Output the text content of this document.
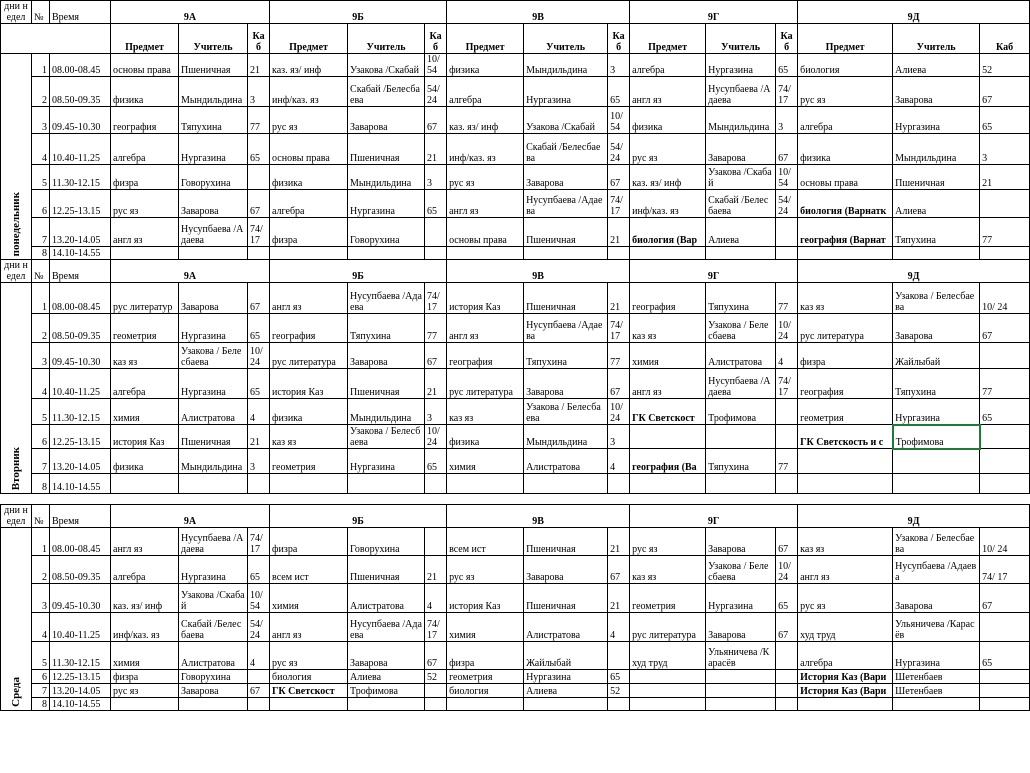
дни недел	№	Время	9А			9Б			9В			9Г			9Д		
			Предмет	Учитель	Каб	Предмет	Учитель	Каб	Предмет	Учитель	Каб	Предмет	Учитель	Каб	Предмет	Учитель	Каб
понедельник	1	08.00-08.45	основы права	Пшеничная	21	каз. яз/ инф	Узакова /Скабай	10/ 54	физика	Мындильдина	3	алгебра	Нургазина	65	биология	Алиева	52
	2	08.50-09.35	физика	Мындильдина	3	инф/каз. яз	Скабай /Белесбаева	54/ 24	алгебра	Нургазина	65	англ яз	Нусупбаева /Адаева	74/ 17	рус яз	Заварова	67
	3	09.45-10.30	география	Тяпухина	77	рус яз	Заварова	67	каз. яз/ инф	Узакова /Скабай	10/ 54	физика	Мындильдина	3	алгебра	Нургазина	65
	4	10.40-11.25	алгебра	Нургазина	65	основы права	Пшеничная	21	инф/каз. яз	Скабай /Белесбаева	54/ 24	рус яз	Заварова	67	физика	Мындильдина	3
	5	11.30-12.15	физра	Говорухина		физика	Мындильдина	3	рус яз	Заварова	67	каз. яз/ инф	Узакова /Скабай	10/ 54	основы права	Пшеничная	21
	6	12.25-13.15	рус яз	Заварова	67	алгебра	Нургазина	65	англ яз	Нусупбаева /Адаева	74/ 17	инф/каз. яз	Скабай /Белесбаева	54/ 24	биология (Варнатк	Алиева	
	7	13.20-14.05	англ яз	Нусупбаева /Адаева	74/ 17	физра	Говорухина		основы права	Пшеничная	21	биология (Вар	Алиева		география (Варнат	Тяпухина	77
	8	14.10-14.55															
дни недел	№	Время	9А			9Б			9В			9Г			9Д		
Вторник	1	08.00-08.45	рус литератур	Заварова	67	англ яз	Нусупбаева /Адаева	74/ 17	история Каз	Пшеничная	21	география	Тяпухина	77	каз яз	Узакова / Белесбаева	10/ 24
	2	08.50-09.35	геометрия	Нургазина	65	география	Тяпухина	77	англ яз	Нусупбаева /Адаева	74/ 17	каз яз	Узакова / Белесбаева	10/ 24	рус литература	Заварова	67
	3	09.45-10.30	каз яз	Узакова / Белесбаева	10/ 24	рус литература	Заварова	67	география	Тяпухина	77	химия	Алистратова	4	физра	Жайлыбай	
	4	10.40-11.25	алгебра	Нургазина	65	история Каз	Пшеничная	21	рус литература	Заварова	67	англ яз	Нусупбаева /Адаева	74/ 17	география	Тяпухина	77
	5	11.30-12.15	химия	Алистратова	4	физика	Мындильдина	3	каз яз	Узакова / Белесбаева	10/ 24	ГК Светскост	Трофимова		геометрия	Нургазина	65
	6	12.25-13.15	история Каз	Пшеничная	21	каз яз	Узакова / Белесбаева	10/ 24	физика	Мындильдина	3				ГК Светскость и с	Трофимова	
	7	13.20-14.05	физика	Мындильдина	3	геометрия	Нургазина	65	химия	Алистратова	4	география (Ва	Тяпухина	77			
	8	14.10-14.55															

дни недел	№	Время	9А			9Б			9В			9Г			9Д		
Среда	1	08.00-08.45	англ яз	Нусупбаева /Адаева	74/ 17	физра	Говорухина		всем ист	Пшеничная	21	рус яз	Заварова	67	каз яз	Узакова / Белесбаева	10/ 24
	2	08.50-09.35	алгебра	Нургазина	65	всем ист	Пшеничная	21	рус яз	Заварова	67	каз яз	Узакова / Белесбаева	10/ 24	англ яз	Нусупбаева /Адаева	74/ 17
	3	09.45-10.30	каз. яз/ инф	Узакова /Скабай	10/ 54	химия	Алистратова	4	история Каз	Пшеничная	21	геометрия	Нургазина	65	рус яз	Заварова	67
	4	10.40-11.25	инф/каз. яз	Скабай /Белесбаева	54/ 24	англ яз	Нусупбаева /Адаева	74/ 17	химия	Алистратова	4	рус литература	Заварова	67	худ труд	Ульяничева /Карасёв	
	5	11.30-12.15	химия	Алистратова	4	рус яз	Заварова	67	физра	Жайлыбай		худ труд	Ульяничева /Карасёв		алгебра	Нургазина	65
	6	12.25-13.15	физра	Говорухина		биология	Алиева	52	геометрия	Нургазина	65				История Каз (Вари	Шетенбаев	
	7	13.20-14.05	рус яз	Заварова	67	ГК Светскост	Трофимова		биология	Алиева	52				История Каз (Вари	Шетенбаев	
	8	14.10-14.55															
